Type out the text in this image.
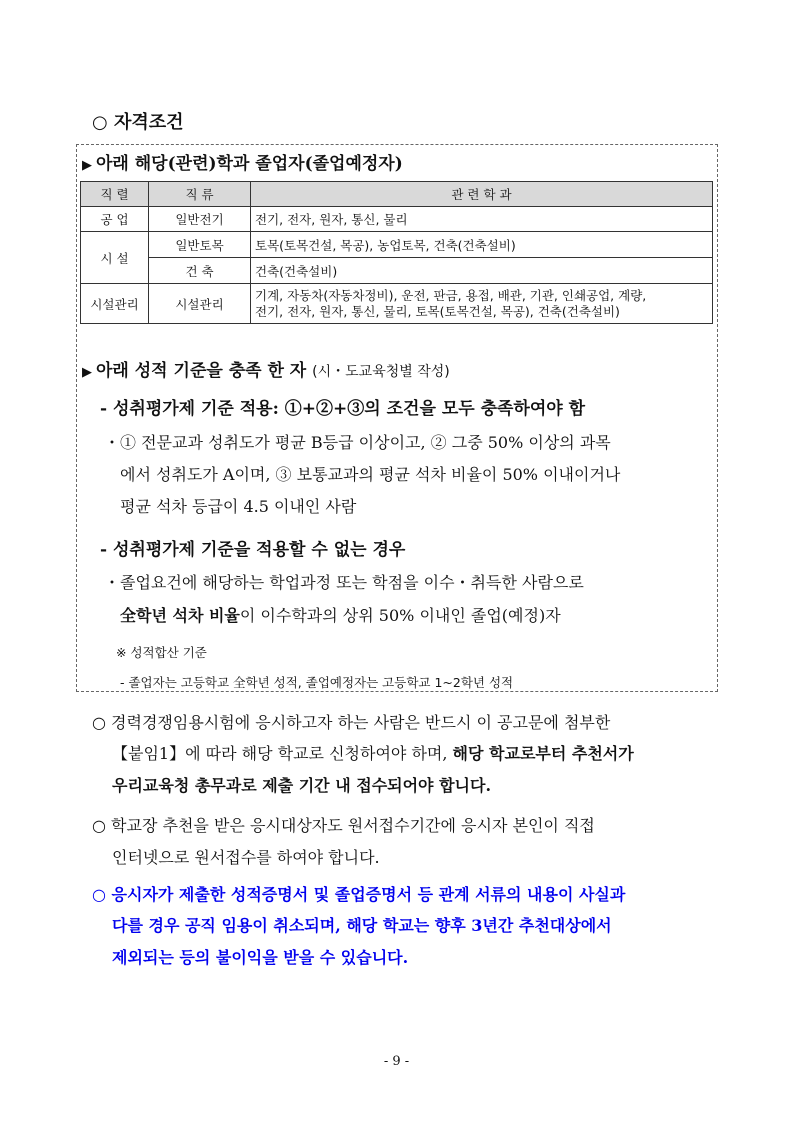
○ 자격조건
▶ 아래 해당(관련)학과 졸업자(졸업예정자)
직 렬	직 류	관 련 학 과
공 업	일반전기	전기, 전자, 원자, 통신, 물리
시 설	일반토목	토목(토목건설, 목공), 농업토목, 건축(건축설비)
	건 축	건축(건축설비)
시설관리	시설관리	기계, 자동차(자동차정비), 운전, 판금, 용접, 배관, 기관, 인쇄공업, 계량,
전기, 전자, 원자, 통신, 물리, 토목(토목건설, 목공), 건축(건축설비)
▶ 아래 성적 기준을 충족 한 자 (시・도교육청별 작성)
- 성취평가제 기준 적용: ①+②+③의 조건을 모두 충족하여야 함
・① 전문교과 성취도가 평균 B등급 이상이고, ② 그중 50% 이상의 과목
에서 성취도가 A이며, ③ 보통교과의 평균 석차 비율이 50% 이내이거나
평균 석차 등급이 4.5 이내인 사람
- 성취평가제 기준을 적용할 수 없는 경우
・졸업요건에 해당하는 학업과정 또는 학점을 이수・취득한 사람으로
全학년 석차 비율이 이수학과의 상위 50% 이내인 졸업(예정)자
※ 성적합산 기준
- 졸업자는 고등학교 全학년 성적, 졸업예정자는 고등학교 1~2학년 성적
○ 경력경쟁임용시험에 응시하고자 하는 사람은 반드시 이 공고문에 첨부한
【붙임1】에 따라 해당 학교로 신청하여야 하며, 해당 학교로부터 추천서가
우리교육청 총무과로 제출 기간 내 접수되어야 합니다.
○ 학교장 추천을 받은 응시대상자도 원서접수기간에 응시자 본인이 직접
인터넷으로 원서접수를 하여야 합니다.
○ 응시자가 제출한 성적증명서 및 졸업증명서 등 관계 서류의 내용이 사실과
다를 경우 공직 임용이 취소되며, 해당 학교는 향후 3년간 추천대상에서
제외되는 등의 불이익을 받을 수 있습니다.
- 9 -
